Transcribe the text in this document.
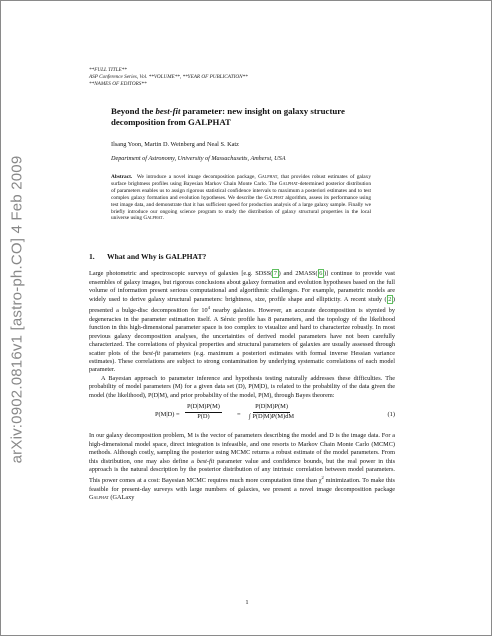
arXiv:0902.0816v1 [astro-ph.CO] 4 Feb 2009
**FULL TITLE**
ASP Conference Series, Vol. **VOLUME**, **YEAR OF PUBLICATION**
**NAMES OF EDITORS**
Beyond the best-fit parameter: new insight on galaxy structure decomposition from GALPHAT
Ilsang Yoon, Martin D. Weinberg and Neal S. Katz
Department of Astronomy, University of Massachusetts, Amherst, USA
Abstract. We introduce a novel image decomposition package, Galphat, that provides robust estimates of galaxy surface brightness profiles using Bayesian Markov Chain Monte Carlo. The Galphat-determined posterior distribution of parameters enables us to assign rigorous statistical confidence intervals to maximum a posteriori estimates and to test complex galaxy formation and evolution hypotheses. We describe the Galphat algorithm, assess its performance using test image data, and demonstrate that it has sufficient speed for production analysis of a large galaxy sample. Finally we briefly introduce our ongoing science program to study the distribution of galaxy structural properties in the local universe using Galphat.
1. What and Why is GALPHAT?

Large photometric and spectroscopic surveys of galaxies [e.g. SDSS( 7 ) and 2MASS( 6 )] continue to provide vast ensembles of galaxy images, but rigorous conclusions about galaxy formation and evolution hypotheses based on the full volume of information present serious computational and algorithmic challenges. For example, parametric models are widely used to derive galaxy structural parameters: brightness, size, profile shape and ellipticity. A recent study ( 2 ) presented a bulge-disc decomposition for $10^4$ nearby galaxies. However, an accurate decomposition is stymied by degeneracies in the parameter estimation itself. A Sérsic profile has 8 parameters, and the topology of the likelihood function in this high-dimensional parameter space is too complex to visualize and hard to characterize robustly. In most previous galaxy decomposition analyses, the uncertainties of derived model parameters have not been carefully characterized. The correlations of physical properties and structural parameters of galaxies are usually assessed through scatter plots of the best-fit parameters (e.g. maximum a posteriori estimates with formal inverse Hessian variance estimates). These correlations are subject to strong contamination by underlying systematic correlations of each model parameter.

A Bayesian approach to parameter inference and hypothesis testing naturally addresses these difficulties. The probability of model parameters (M) for a given data set (D), P(M|D), is related to the probability of the data given the model (the likelihood), P(D|M), and prior probability of the model, P(M), through Bayes theorem:

$P(M|D) = \frac{P(D|M)P(M)}{P(D)} = \frac{P(D|M)P(M)}{\int P(D|M)P(M)dM}$	(1)

In our galaxy decomposition problem, M is the vector of parameters describing the model and D is the image data. For a high-dimensional model space, direct integration is infeasible, and one resorts to Markov Chain Monte Carlo (MCMC) methods. Although costly, sampling the posterior using MCMC returns a robust estimate of the model parameters. From this distribution, one may also define a best-fit parameter value and confidence bounds, but the real power in this approach is the natural description by the posterior distribution of any intrinsic correlation between model parameters. This power comes at a cost: Bayesian MCMC requires much more computation time than $\chi^2$ minimization. To make this feasible for present-day surveys with large numbers of galaxies, we present a novel image decomposition package Galphat (GALaxy

1
